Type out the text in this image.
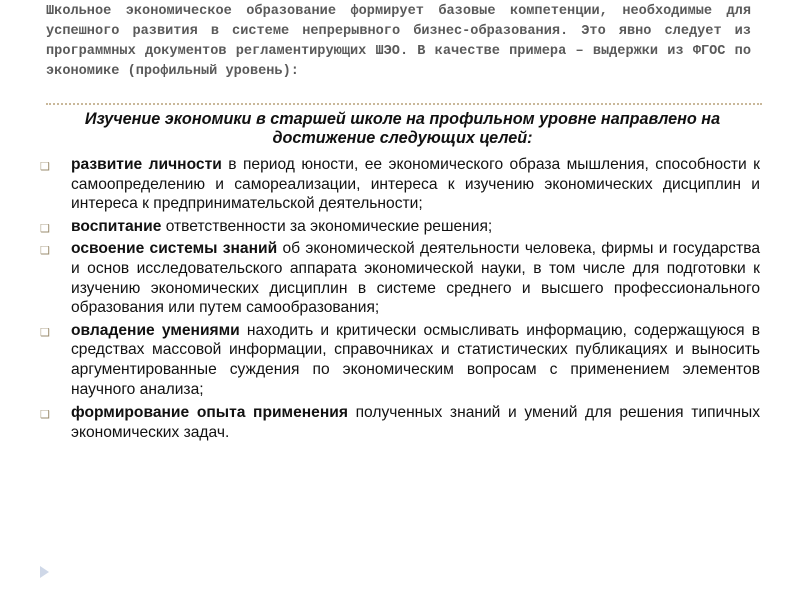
Школьное экономическое образование формирует базовые компетенции, необходимые для успешного развития в системе непрерывного бизнес-образования. Это явно следует из программных документов регламентирующих ШЭО. В качестве примера – выдержки из ФГОС по экономике (профильный уровень):
Изучение экономики в старшей школе на профильном уровне направлено на достижение следующих целей:
❑ развитие личности в период юности, ее экономического образа мышления, способности к самоопределению и самореализации, интереса к изучению экономических дисциплин и интереса к предпринимательской деятельности;
❑ воспитание ответственности за экономические решения;
❑ освоение системы знаний об экономической деятельности человека, фирмы и государства и основ исследовательского аппарата экономической науки, в том числе для подготовки к изучению экономических дисциплин в системе среднего и высшего профессионального образования или путем самообразования;
❑ овладение умениями находить и критически осмысливать информацию, содержащуюся в средствах массовой информации, справочниках и статистических публикациях и выносить аргументированные суждения по экономическим вопросам с применением элементов научного анализа;
❑ формирование опыта применения полученных знаний и умений для решения типичных экономических задач.
